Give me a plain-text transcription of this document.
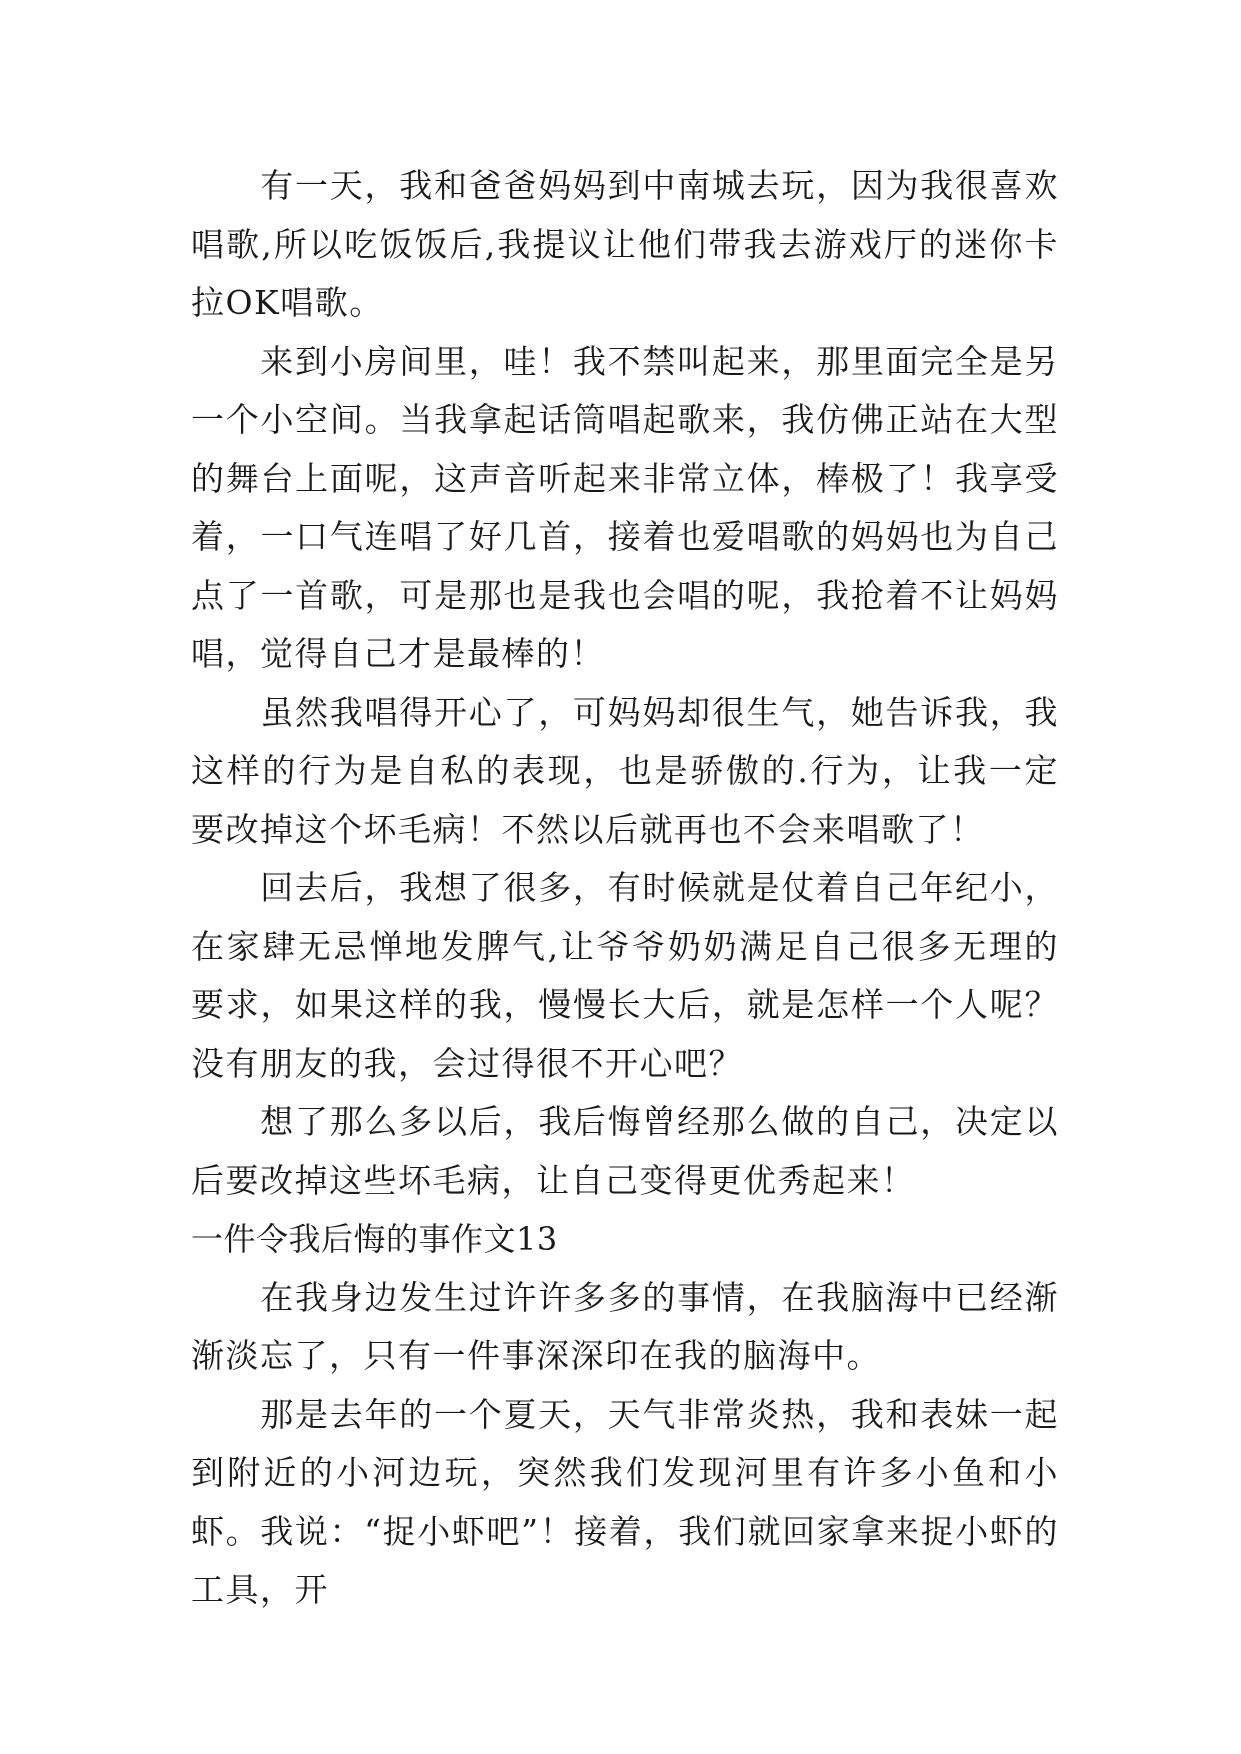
有一天，我和爸爸妈妈到中南城去玩，因为我很喜欢唱歌,所以吃饭饭后,我提议让他们带我去游戏厅的迷你卡拉OK唱歌。

来到小房间里，哇！我不禁叫起来，那里面完全是另一个小空间。当我拿起话筒唱起歌来，我仿佛正站在大型的舞台上面呢，这声音听起来非常立体，棒极了！我享受着，一口气连唱了好几首，接着也爱唱歌的妈妈也为自己点了一首歌，可是那也是我也会唱的呢，我抢着不让妈妈唱，觉得自己才是最棒的！

虽然我唱得开心了，可妈妈却很生气，她告诉我，我这样的行为是自私的表现，也是骄傲的.行为，让我一定要改掉这个坏毛病！不然以后就再也不会来唱歌了！

回去后，我想了很多，有时候就是仗着自己年纪小，在家肆无忌惮地发脾气,让爷爷奶奶满足自己很多无理的要求，如果这样的我，慢慢长大后，就是怎样一个人呢？没有朋友的我，会过得很不开心吧？

想了那么多以后，我后悔曾经那么做的自己，决定以后要改掉这些坏毛病，让自己变得更优秀起来！

一件令我后悔的事作文13

在我身边发生过许许多多的事情，在我脑海中已经渐渐淡忘了，只有一件事深深印在我的脑海中。

那是去年的一个夏天，天气非常炎热，我和表妹一起到附近的小河边玩，突然我们发现河里有许多小鱼和小虾。我说：“捉小虾吧”！接着，我们就回家拿来捉小虾的工具，开
